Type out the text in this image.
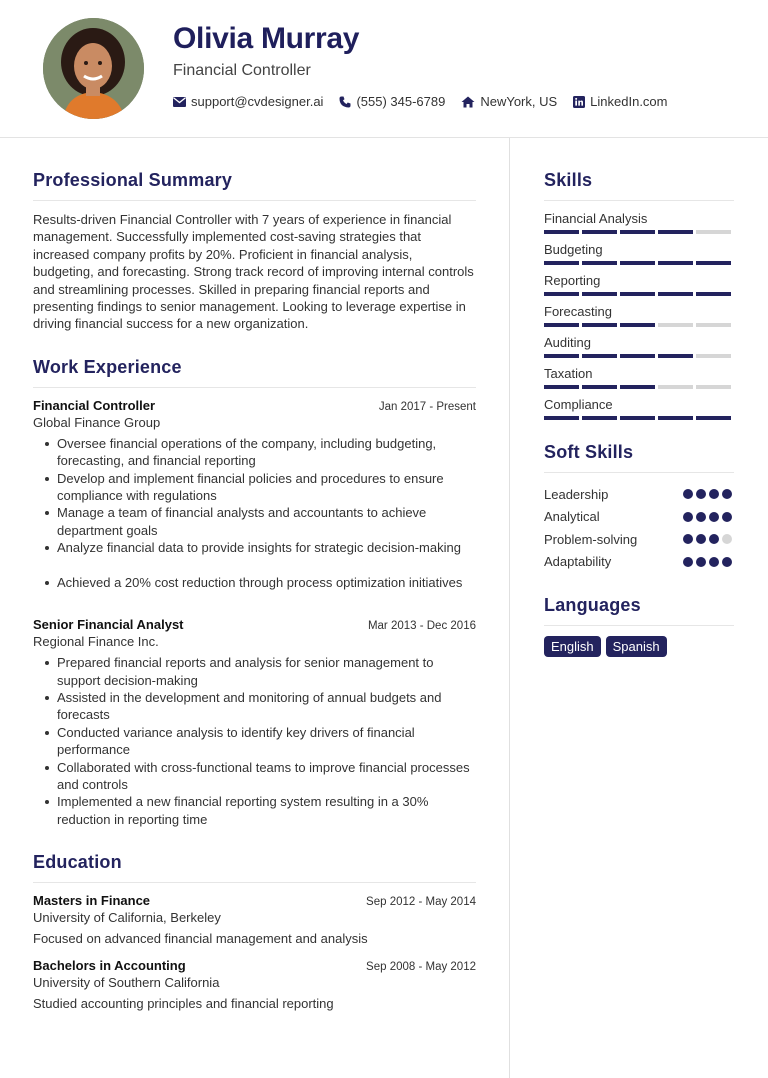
Olivia Murray
Financial Controller
support@cvdesigner.ai	(555) 345-6789	NewYork, US	LinkedIn.com
Professional Summary

Results-driven Financial Controller with 7 years of experience in financial management. Successfully implemented cost-saving strategies that increased company profits by 20%. Proficient in financial analysis, budgeting, and forecasting. Strong track record of improving internal controls and streamlining processes. Skilled in preparing financial reports and presenting findings to senior management. Looking to leverage expertise in driving financial success for a new organization.

Work Experience
Financial Controller	Jan 2017 - Present
Global Finance Group
Oversee financial operations of the company, including budgeting, forecasting, and financial reporting
Develop and implement financial policies and procedures to ensure compliance with regulations
Manage a team of financial analysts and accountants to achieve department goals
Analyze financial data to provide insights for strategic decision-making
Achieved a 20% cost reduction through process optimization initiatives
Senior Financial Analyst	Mar 2013 - Dec 2016
Regional Finance Inc.
Prepared financial reports and analysis for senior management to support decision-making
Assisted in the development and monitoring of annual budgets and forecasts
Conducted variance analysis to identify key drivers of financial performance
Collaborated with cross-functional teams to improve financial processes and controls
Implemented a new financial reporting system resulting in a 30% reduction in reporting time
Education
Masters in Finance	Sep 2012 - May 2014
University of California, Berkeley
Focused on advanced financial management and analysis
Bachelors in Accounting	Sep 2008 - May 2012
University of Southern California
Studied accounting principles and financial reporting
Skills
Financial Analysis
Budgeting
Reporting
Forecasting
Auditing
Taxation
Compliance
Soft Skills
Leadership
Analytical
Problem-solving
Adaptability
Languages
English	Spanish
